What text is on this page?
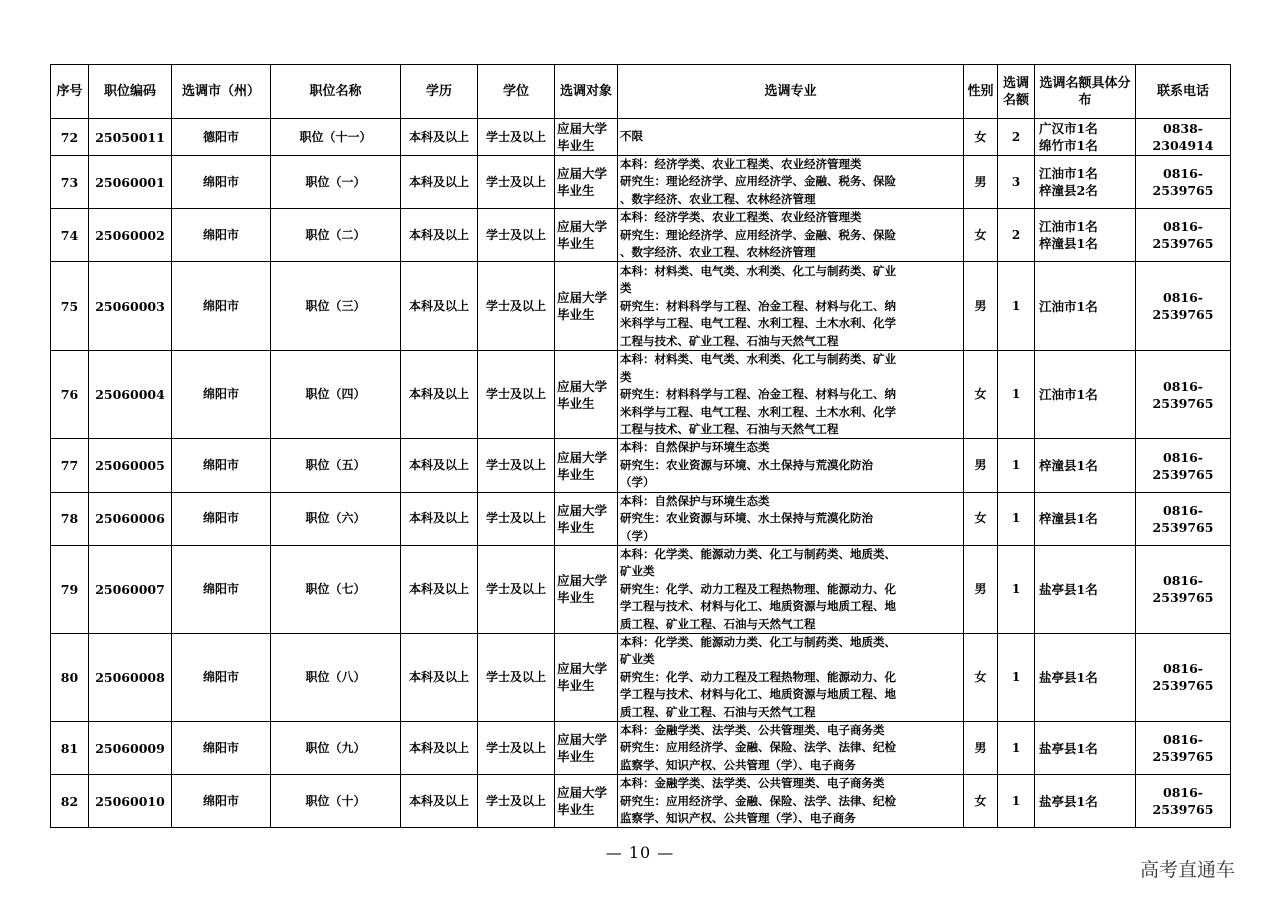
序号	职位编码	选调市（州）	职位名称	学历	学位	选调对象	选调专业	性别	选调名额	选调名额具体分布	联系电话
72	25050011	德阳市	职位（十一）	本科及以上	学士及以上	应届大学毕业生	不限	女	2	广汉市1名
绵竹市1名	0838-2304914
73	25060001	绵阳市	职位（一）	本科及以上	学士及以上	应届大学毕业生	本科：经济学类、农业工程类、农业经济管理类
研究生：理论经济学、应用经济学、金融、税务、保险
、数字经济、农业工程、农林经济管理	男	3	江油市1名
梓潼县2名	0816-2539765
74	25060002	绵阳市	职位（二）	本科及以上	学士及以上	应届大学毕业生	本科：经济学类、农业工程类、农业经济管理类
研究生：理论经济学、应用经济学、金融、税务、保险
、数字经济、农业工程、农林经济管理	女	2	江油市1名
梓潼县1名	0816-2539765
75	25060003	绵阳市	职位（三）	本科及以上	学士及以上	应届大学毕业生	本科：材料类、电气类、水利类、化工与制药类、矿业
类
研究生：材料科学与工程、冶金工程、材料与化工、纳
米科学与工程、电气工程、水利工程、土木水利、化学
工程与技术、矿业工程、石油与天然气工程	男	1	江油市1名	0816-2539765
76	25060004	绵阳市	职位（四）	本科及以上	学士及以上	应届大学毕业生	本科：材料类、电气类、水利类、化工与制药类、矿业
类
研究生：材料科学与工程、冶金工程、材料与化工、纳
米科学与工程、电气工程、水利工程、土木水利、化学
工程与技术、矿业工程、石油与天然气工程	女	1	江油市1名	0816-2539765
77	25060005	绵阳市	职位（五）	本科及以上	学士及以上	应届大学毕业生	本科：自然保护与环境生态类
研究生：农业资源与环境、水土保持与荒漠化防治
（学）	男	1	梓潼县1名	0816-2539765
78	25060006	绵阳市	职位（六）	本科及以上	学士及以上	应届大学毕业生	本科：自然保护与环境生态类
研究生：农业资源与环境、水土保持与荒漠化防治
（学）	女	1	梓潼县1名	0816-2539765
79	25060007	绵阳市	职位（七）	本科及以上	学士及以上	应届大学毕业生	本科：化学类、能源动力类、化工与制药类、地质类、
矿业类
研究生：化学、动力工程及工程热物理、能源动力、化
学工程与技术、材料与化工、地质资源与地质工程、地
质工程、矿业工程、石油与天然气工程	男	1	盐亭县1名	0816-2539765
80	25060008	绵阳市	职位（八）	本科及以上	学士及以上	应届大学毕业生	本科：化学类、能源动力类、化工与制药类、地质类、
矿业类
研究生：化学、动力工程及工程热物理、能源动力、化
学工程与技术、材料与化工、地质资源与地质工程、地
质工程、矿业工程、石油与天然气工程	女	1	盐亭县1名	0816-2539765
81	25060009	绵阳市	职位（九）	本科及以上	学士及以上	应届大学毕业生	本科：金融学类、法学类、公共管理类、电子商务类
研究生：应用经济学、金融、保险、法学、法律、纪检
监察学、知识产权、公共管理（学）、电子商务	男	1	盐亭县1名	0816-2539765
82	25060010	绵阳市	职位（十）	本科及以上	学士及以上	应届大学毕业生	本科：金融学类、法学类、公共管理类、电子商务类
研究生：应用经济学、金融、保险、法学、法律、纪检
监察学、知识产权、公共管理（学）、电子商务	女	1	盐亭县1名	0816-2539765
— 10 —
高考直通车
